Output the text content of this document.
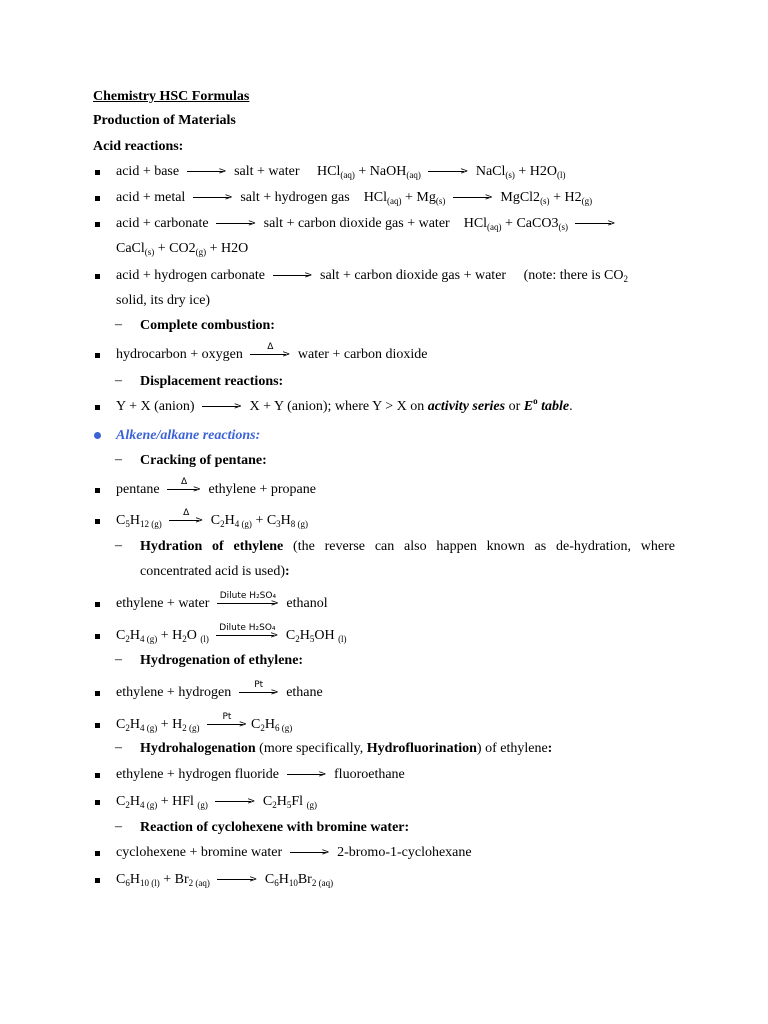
Chemistry HSC Formulas
Production of Materials
Acid reactions:
acid + base	> salt + water HCl$_{(aq)}$ + NaOH$_{(aq)}$	> NaCl$_{(s)}$ + $H2O_{(l)}$
acid + metal	> salt + hydrogen gas $HCl_{(aq)} + Mg_{(s)}$	> $MgCl2_{(s)} + H2_{(g)}$
acid + carbonate	> salt + carbon dioxide gas + water $HCl_{(aq)} + CaCO3_{(s)}$	>
CaCl$_{(s)}$ + $CO2_{(g)} + H2O$
acid + hydrogen carbonate	> salt + carbon dioxide gas + water (note: there is $CO_2$
solid, its dry ice)
– Complete combustion:
hydrocarbon + oxygen
Δ
> water + carbon dioxide
– Displacement reactions:
Y + X (anion)	> X + Y (anion); where Y > X on activity series or $E^o$ table.
Alkene/alkane reactions:
– Cracking of pentane:
pentane
Δ
> ethylene + propane
$C_5H_{12 (g)}$
Δ
> $C_2H_{4 (g)} + C_3H_{8 (g)}$
– Hydration of ethylene (the reverse can also happen known as de-hydration, where
concentrated acid is used):
ethylene + water
Dilute H₂SO₄
> ethanol
$C_2H_{4 (g)} + H_2O$ $_{(l)}$
Dilute H₂SO₄
> $C_2H_5OH$ $_{(l)}$
– Hydrogenation of ethylene:
ethylene + hydrogen
Pt
> ethane
$C_2H_{4 (g)} + H_{2 (g)}$
Pt
> $C_2H_{6 (g)}$
– Hydrohalogenation (more specifically, Hydrofluorination) of ethylene:
ethylene + hydrogen fluoride	> fluoroethane
$C_2H_{4 (g)}$ + HFl $_{(g)}$	> $C_2H_5Fl$ $_{(g)}$
– Reaction of cyclohexene with bromine water:
cyclohexene + bromine water	> 2-bromo-1-cyclohexane
$C_6H_{10 (l)} + Br_{2 (aq)}$	> $C_6H_{10}Br_{2 (aq)}$
